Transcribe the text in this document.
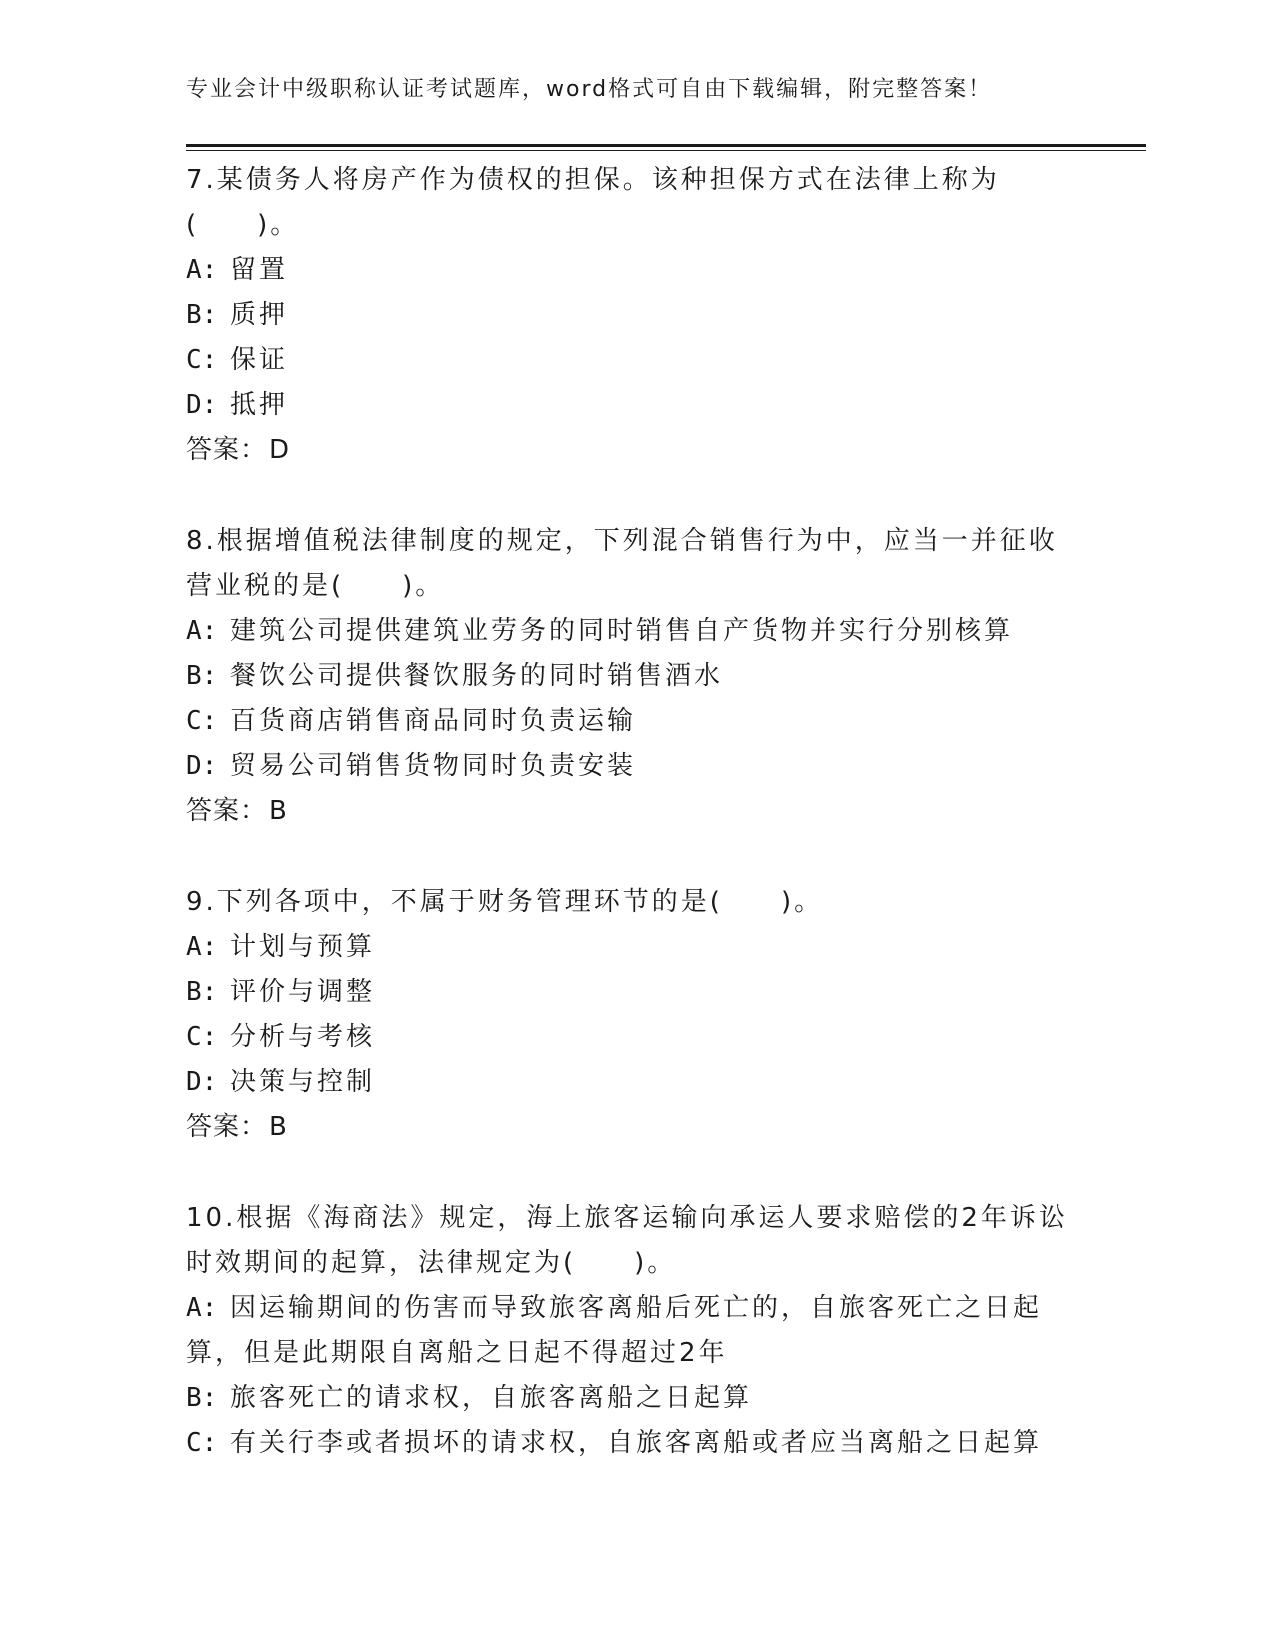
专业会计中级职称认证考试题库，word格式可自由下载编辑，附完整答案！
7.某债务人将房产作为债权的担保。该种担保方式在法律上称为(　　)。
A: 留置
B: 质押
C: 保证
D: 抵押
答案：D
8.根据增值税法律制度的规定，下列混合销售行为中，应当一并征收营业税的是(　　)。
A: 建筑公司提供建筑业劳务的同时销售自产货物并实行分别核算
B: 餐饮公司提供餐饮服务的同时销售酒水
C: 百货商店销售商品同时负责运输
D: 贸易公司销售货物同时负责安装
答案：B
9.下列各项中，不属于财务管理环节的是(　　)。
A: 计划与预算
B: 评价与调整
C: 分析与考核
D: 决策与控制
答案：B
10.根据《海商法》规定，海上旅客运输向承运人要求赔偿的2年诉讼时效期间的起算，法律规定为(　　)。
A: 因运输期间的伤害而导致旅客离船后死亡的，自旅客死亡之日起算，但是此期限自离船之日起不得超过2年
B: 旅客死亡的请求权，自旅客离船之日起算
C: 有关行李或者损坏的请求权，自旅客离船或者应当离船之日起算
